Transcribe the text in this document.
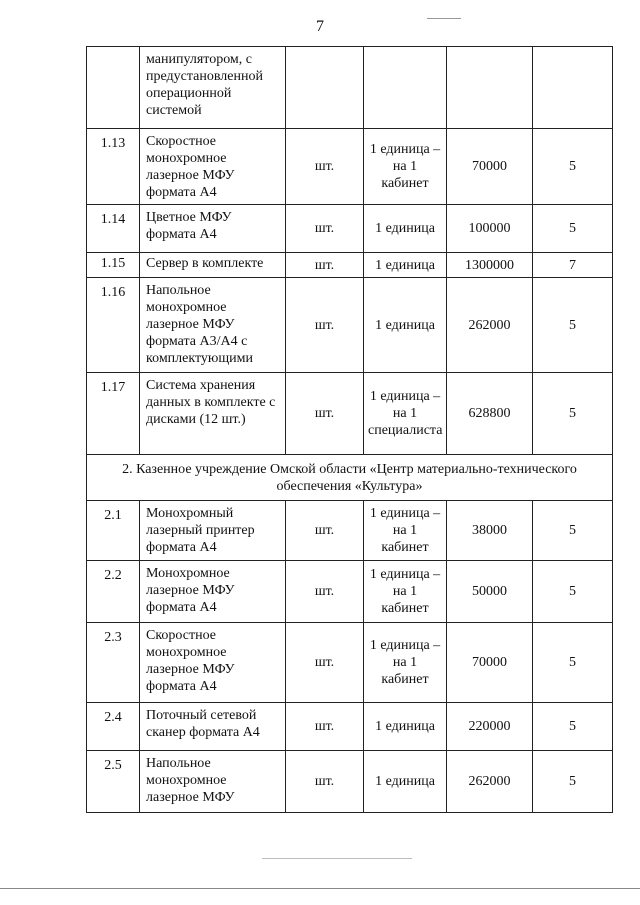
7
	манипулятором, с предустановленной операционной системой				
1.13	Скоростное монохромное лазерное МФУ формата А4	шт.	1 единица – на 1 кабинет	70000	5
1.14	Цветное МФУ формата А4	шт.	1 единица	100000	5
1.15	Сервер в комплекте	шт.	1 единица	1300000	7
1.16	Напольное монохромное лазерное МФУ формата А3/А4 с комплектующими	шт.	1 единица	262000	5
1.17	Система хранения данных в комплекте с дисками (12 шт.)	шт.	1 единица – на 1 специалиста	628800	5
2. Казенное учреждение Омской области «Центр материально-технического обеспечения «Культура»					
2.1	Монохромный лазерный принтер формата А4	шт.	1 единица – на 1 кабинет	38000	5
2.2	Монохромное лазерное МФУ формата А4	шт.	1 единица – на 1 кабинет	50000	5
2.3	Скоростное монохромное лазерное МФУ формата А4	шт.	1 единица – на 1 кабинет	70000	5
2.4	Поточный сетевой сканер формата А4	шт.	1 единица	220000	5
2.5	Напольное монохромное лазерное МФУ	шт.	1 единица	262000	5
